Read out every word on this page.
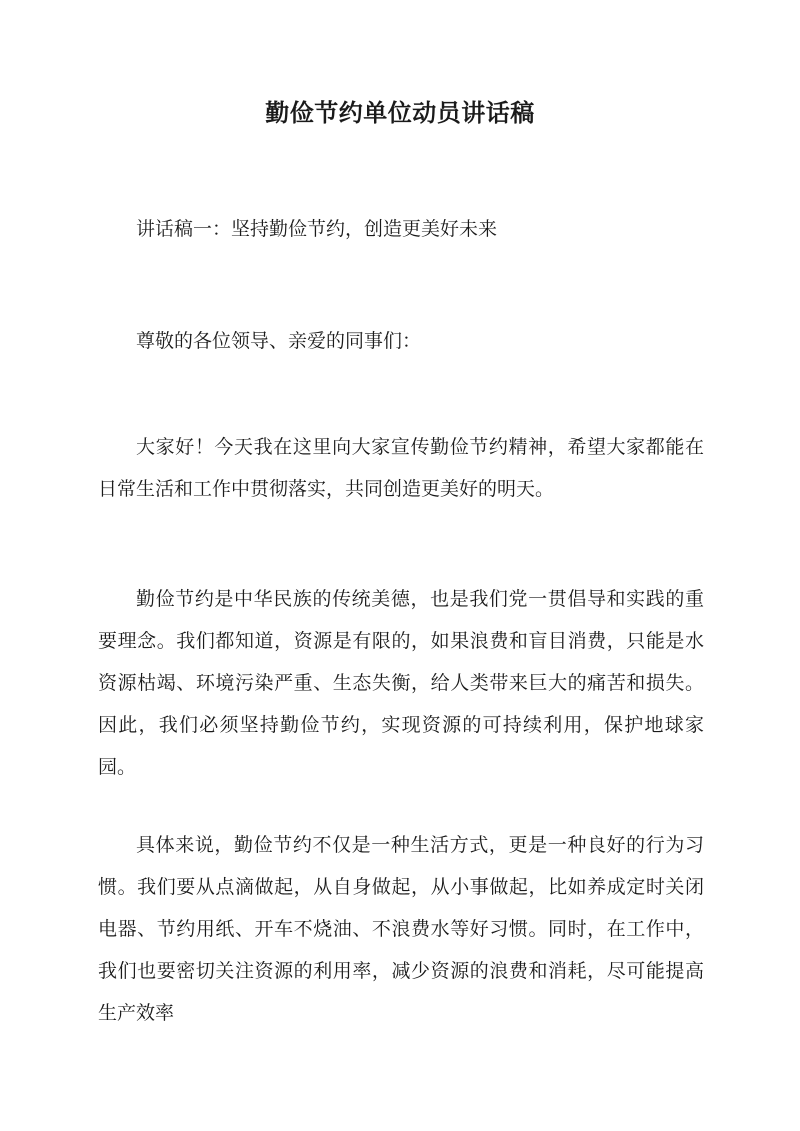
勤俭节约单位动员讲话稿

讲话稿一：坚持勤俭节约，创造更美好未来

尊敬的各位领导、亲爱的同事们：

大家好！今天我在这里向大家宣传勤俭节约精神，希望大家都能在日常生活和工作中贯彻落实，共同创造更美好的明天。

勤俭节约是中华民族的传统美德，也是我们党一贯倡导和实践的重要理念。我们都知道，资源是有限的，如果浪费和盲目消费，只能是水资源枯竭、环境污染严重、生态失衡，给人类带来巨大的痛苦和损失。因此，我们必须坚持勤俭节约，实现资源的可持续利用，保护地球家园。

具体来说，勤俭节约不仅是一种生活方式，更是一种良好的行为习惯。我们要从点滴做起，从自身做起，从小事做起，比如养成定时关闭电器、节约用纸、开车不烧油、不浪费水等好习惯。同时，在工作中，我们也要密切关注资源的利用率，减少资源的浪费和消耗，尽可能提高生产效率
